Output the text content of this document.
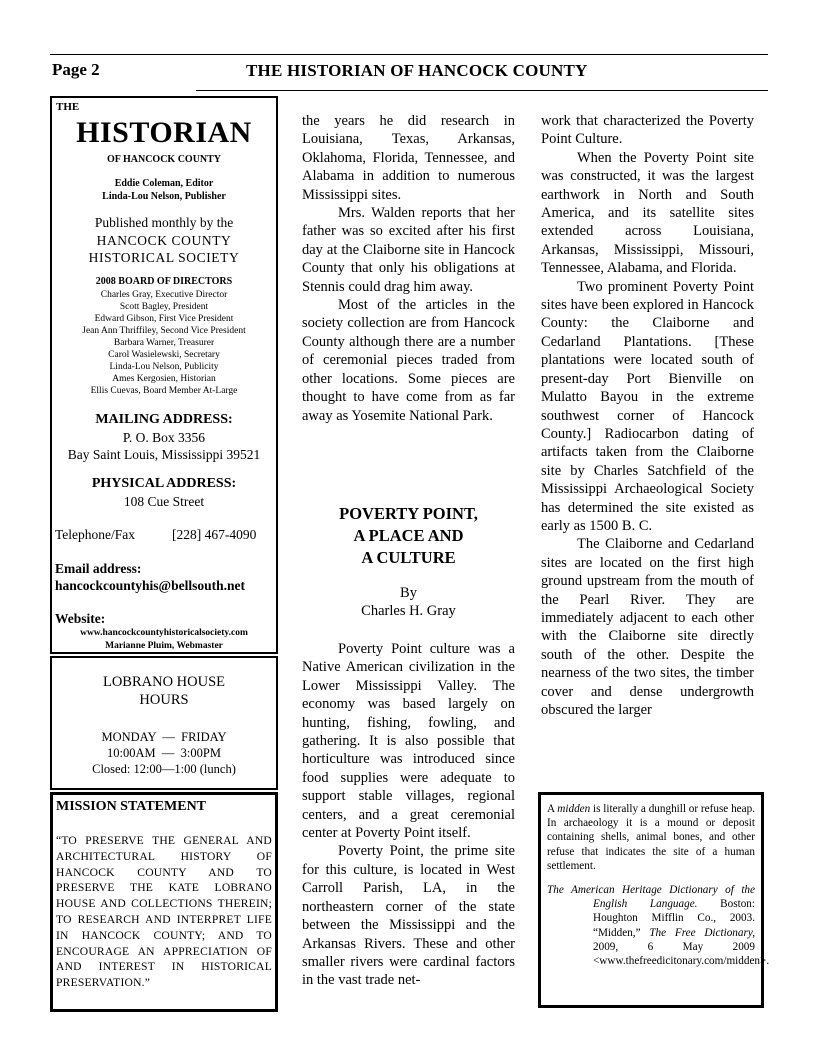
Page 2	THE HISTORIAN OF HANCOCK COUNTY
THE
HISTORIAN
OF HANCOCK COUNTY
Eddie Coleman, Editor
Linda-Lou Nelson, Publisher
Published monthly by the
HANCOCK COUNTY
HISTORICAL SOCIETY
2008 BOARD OF DIRECTORS
Charles Gray, Executive Director
Scott Bagley, President
Edward Gibson, First Vice President
Jean Ann Thriffiley, Second Vice President
Barbara Warner, Treasurer
Carol Wasielewski, Secretary
Linda-Lou Nelson, Publicity
Ames Kergosien, Historian
Ellis Cuevas, Board Member At-Large
MAILING ADDRESS:
P. O. Box 3356
Bay Saint Louis, Mississippi 39521
PHYSICAL ADDRESS:
108 Cue Street
Telephone/Fax	[228] 467-4090
Email address:
hancockcountyhis@bellsouth.net
Website:
www.hancockcountyhistoricalsociety.com
Marianne Pluim, Webmaster
LOBRANO HOUSE
HOURS
MONDAY  —  FRIDAY
10:00AM  —  3:00PM
Closed: 12:00—1:00 (lunch)
MISSION STATEMENT
“TO PRESERVE THE GENERAL AND ARCHITECTURAL HISTORY OF HANCOCK COUNTY AND TO PRESERVE THE KATE LOBRANO HOUSE AND COLLECTIONS THEREIN; TO RESEARCH AND INTERPRET LIFE IN HANCOCK COUNTY; AND TO ENCOURAGE AN APPRECIATION OF AND INTEREST IN HISTORICAL PRESERVATION.”

the years he did research in Louisiana, Texas, Arkansas, Oklahoma, Florida, Tennessee, and Alabama in addition to numerous Mississippi sites.

Mrs. Walden reports that her father was so excited after his first day at the Claiborne site in Hancock County that only his obligations at Stennis could drag him away.

Most of the articles in the society collection are from Hancock County although there are a number of ceremonial pieces traded from other locations. Some pieces are thought to have come from as far away as Yosemite National Park.

POVERTY POINT,
A PLACE AND
A CULTURE
By
Charles H. Gray

Poverty Point culture was a Native American civilization in the Lower Mississippi Valley. The economy was based largely on hunting, fishing, fowling, and gathering. It is also possible that horticulture was introduced since food supplies were adequate to support stable villages, regional centers, and a great ceremonial center at Poverty Point itself.

Poverty Point, the prime site for this culture, is located in West Carroll Parish, LA, in the northeastern corner of the state between the Mississippi and the Arkansas Rivers. These and other smaller rivers were cardinal factors in the vast trade net-

work that characterized the Poverty Point Culture.

When the Poverty Point site was constructed, it was the largest earthwork in North and South America, and its satellite sites extended across Louisiana, Arkansas, Mississippi, Missouri, Tennessee, Alabama, and Florida.

Two prominent Poverty Point sites have been explored in Hancock County: the Claiborne and Cedarland Plantations. [These plantations were located south of present-day Port Bienville on Mulatto Bayou in the extreme southwest corner of Hancock County.] Radiocarbon dating of artifacts taken from the Claiborne site by Charles Satchfield of the Mississippi Archaeological Society has determined the site existed as early as 1500 B. C.

The Claiborne and Cedarland sites are located on the first high ground upstream from the mouth of the Pearl River. They are immediately adjacent to each other with the Claiborne site directly south of the other. Despite the nearness of the two sites, the timber cover and dense undergrowth obscured the larger

A midden is literally a dunghill or refuse heap. In archaeology it is a mound or deposit containing shells, animal bones, and other refuse that indicates the site of a human settlement.

The American Heritage Dictionary of the English Language. Boston: Houghton Mifflin Co., 2003. “Midden,” The Free Dictionary, 2009, 6 May 2009 <www.thefreedicitonary.com/midden>.
